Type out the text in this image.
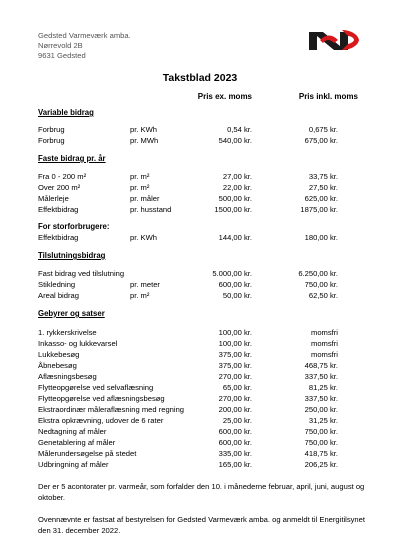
Gedsted Varmeværk amba.
Nørrevold 2B
9631 Gedsted
Takstblad 2023
Pris ex. moms	Pris inkl. moms
Variable bidrag
Forbrug	pr. KWh	0,54 kr.	0,675 kr.
Forbrug	pr. MWh	540,00 kr.	675,00 kr.
Faste bidrag pr. år
Fra 0 - 200 m²	pr. m²	27,00 kr.	33,75 kr.
Over 200 m²	pr. m²	22,00 kr.	27,50 kr.
Målerleje	pr. måler	500,00 kr.	625,00 kr.
Effektbidrag	pr. husstand	1500,00 kr.	1875,00 kr.
For storforbrugere:
Effektbidrag	pr. KWh	144,00 kr.	180,00 kr.
Tilslutningsbidrag
Fast bidrag ved tilslutning	5.000,00 kr.	6.250,00 kr.
Stikledning	pr. meter	600,00 kr.	750,00 kr.
Areal bidrag	pr. m²	50,00 kr.	62,50 kr.
Gebyrer og satser
1. rykkerskrivelse	100,00 kr.	momsfri
Inkasso- og lukkevarsel	100,00 kr.	momsfri
Lukkebesøg	375,00 kr.	momsfri
Åbnebesøg	375,00 kr.	468,75 kr.
Aflæsningsbesøg	270,00 kr.	337,50 kr.
Flytteopgørelse ved selvaflæsning	65,00 kr.	81,25 kr.
Flytteopgørelse ved aflæsningsbesøg	270,00 kr.	337,50 kr.
Ekstraordinær måleraflæsning med regning	200,00 kr.	250,00 kr.
Ekstra opkrævning, udover de 6 rater	25,00 kr.	31,25 kr.
Nedtagning af måler	600,00 kr.	750,00 kr.
Genetablering af måler	600,00 kr.	750,00 kr.
Målerundersøgelse på stedet	335,00 kr.	418,75 kr.
Udbringning af måler	165,00 kr.	206,25 kr.
Der er 5 acontorater pr. varmeår, som forfalder den 10. i månederne februar, april, juni, august og oktober.
Ovennævnte er fastsat af bestyrelsen for Gedsted Varmeværk amba. og anmeldt til Energitilsynet den 31. december 2022.
